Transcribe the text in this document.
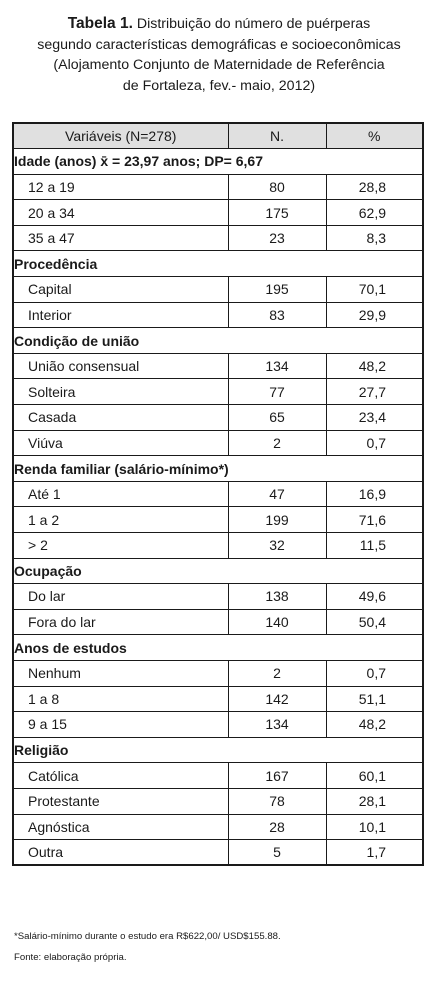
Tabela 1. Distribuição do número de puérperas
segundo características demográficas e socioeconômicas
(Alojamento Conjunto de Maternidade de Referência
de Fortaleza, fev.- maio, 2012)
Variáveis (N=278)	N.	%
Idade (anos) x̄ = 23,97 anos; DP= 6,67		
12 a 19	80	28,8
20 a 34	175	62,9
35 a 47	23	8,3
Procedência		
Capital	195	70,1
Interior	83	29,9
Condição de união		
União consensual	134	48,2
Solteira	77	27,7
Casada	65	23,4
Viúva	2	0,7
Renda familiar (salário-mínimo*)		
Até 1	47	16,9
1 a 2	199	71,6
> 2	32	11,5
Ocupação		
Do lar	138	49,6
Fora do lar	140	50,4
Anos de estudos		
Nenhum	2	0,7
1 a 8	142	51,1
9 a 15	134	48,2
Religião		
Católica	167	60,1
Protestante	78	28,1
Agnóstica	28	10,1
Outra	5	1,7
*Salário-mínimo durante o estudo era R$622,00/ USD$155.88.
Fonte: elaboração própria.
